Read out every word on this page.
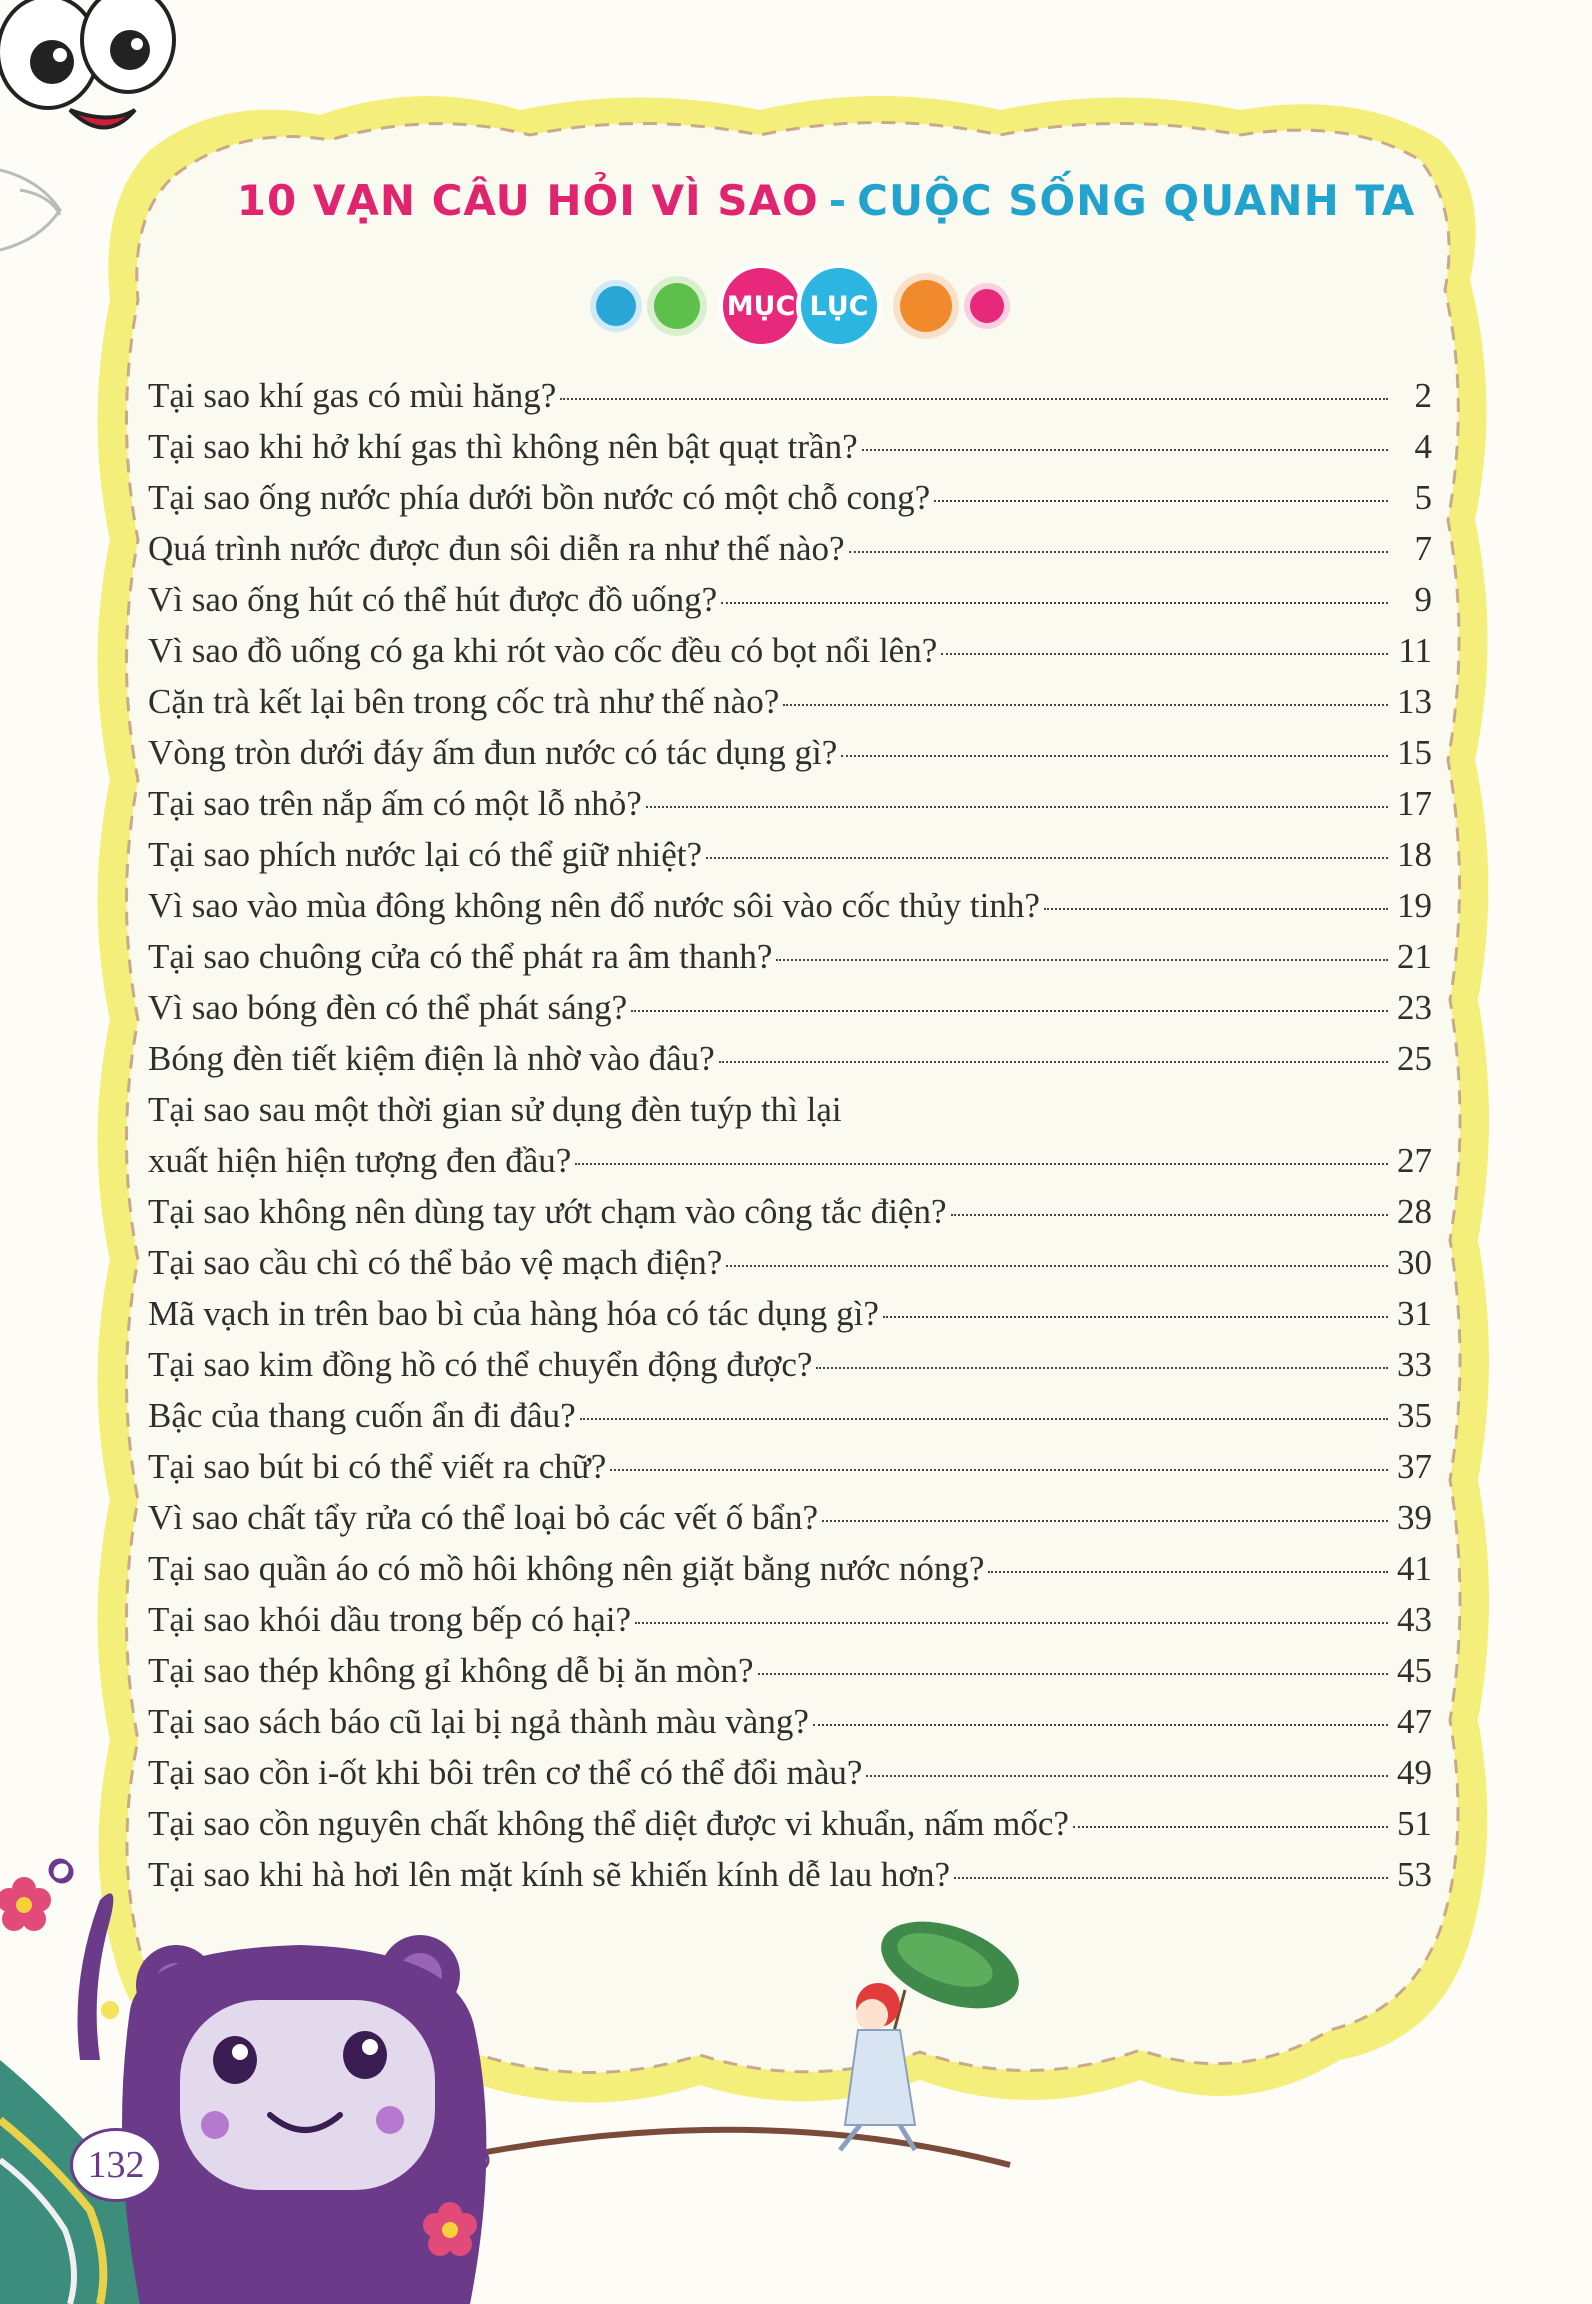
10 VẠN CÂU HỎI VÌ SAO - CUỘC SỐNG QUANH TA
MỤC LỤC
Tại sao khí gas có mùi hăng?	2
Tại sao khi hở khí gas thì không nên bật quạt trần?	4
Tại sao ống nước phía dưới bồn nước có một chỗ cong?	5
Quá trình nước được đun sôi diễn ra như thế nào?	7
Vì sao ống hút có thể hút được đồ uống?	9
Vì sao đồ uống có ga khi rót vào cốc đều có bọt nổi lên?	11
Cặn trà kết lại bên trong cốc trà như thế nào?	13
Vòng tròn dưới đáy ấm đun nước có tác dụng gì?	15
Tại sao trên nắp ấm có một lỗ nhỏ?	17
Tại sao phích nước lại có thể giữ nhiệt?	18
Vì sao vào mùa đông không nên đổ nước sôi vào cốc thủy tinh?	19
Tại sao chuông cửa có thể phát ra âm thanh?	21
Vì sao bóng đèn có thể phát sáng?	23
Bóng đèn tiết kiệm điện là nhờ vào đâu?	25
Tại sao sau một thời gian sử dụng đèn tuýp thì lại
xuất hiện hiện tượng đen đầu?	27
Tại sao không nên dùng tay ướt chạm vào công tắc điện?	28
Tại sao cầu chì có thể bảo vệ mạch điện?	30
Mã vạch in trên bao bì của hàng hóa có tác dụng gì?	31
Tại sao kim đồng hồ có thể chuyển động được?	33
Bậc của thang cuốn ẩn đi đâu?	35
Tại sao bút bi có thể viết ra chữ?	37
Vì sao chất tẩy rửa có thể loại bỏ các vết ố bẩn?	39
Tại sao quần áo có mồ hôi không nên giặt bằng nước nóng?	41
Tại sao khói dầu trong bếp có hại?	43
Tại sao thép không gỉ không dễ bị ăn mòn?	45
Tại sao sách báo cũ lại bị ngả thành màu vàng?	47
Tại sao cồn i-ốt khi bôi trên cơ thể có thể đổi màu?	49
Tại sao cồn nguyên chất không thể diệt được vi khuẩn, nấm mốc?	51
Tại sao khi hà hơi lên mặt kính sẽ khiến kính dễ lau hơn?	53
132
